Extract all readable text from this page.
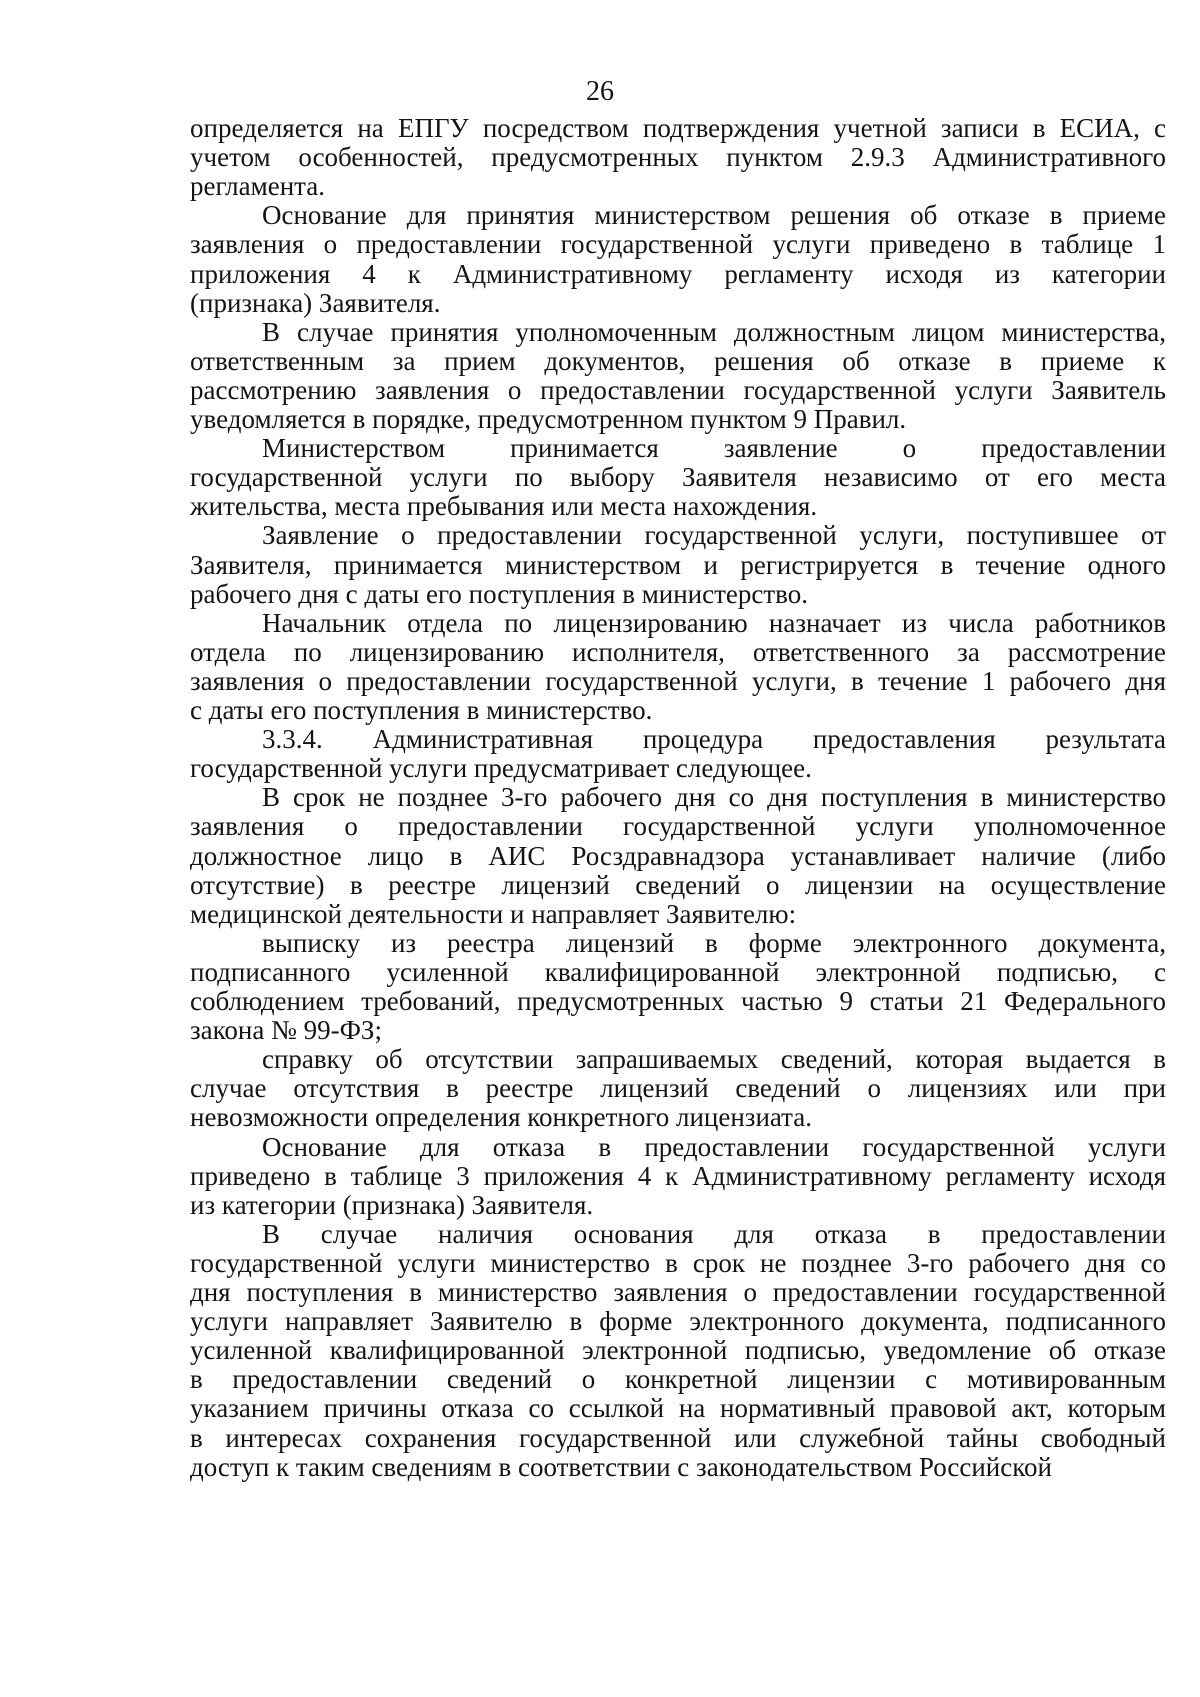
26
определяется на ЕПГУ посредством подтверждения учетной записи в ЕСИА, с
учетом особенностей, предусмотренных пунктом 2.9.3 Административного
регламента.
Основание для принятия министерством решения об отказе в приеме
заявления о предоставлении государственной услуги приведено в таблице 1
приложения 4 к Административному регламенту исходя из категории
(признака) Заявителя.
В случае принятия уполномоченным должностным лицом министерства,
ответственным за прием документов, решения об отказе в приеме к
рассмотрению заявления о предоставлении государственной услуги Заявитель
уведомляется в порядке, предусмотренном пунктом 9 Правил.
Министерством принимается заявление о предоставлении
государственной услуги по выбору Заявителя независимо от его места
жительства, места пребывания или места нахождения.
Заявление о предоставлении государственной услуги, поступившее от
Заявителя, принимается министерством и регистрируется в течение одного
рабочего дня с даты его поступления в министерство.
Начальник отдела по лицензированию назначает из числа работников
отдела по лицензированию исполнителя, ответственного за рассмотрение
заявления о предоставлении государственной услуги, в течение 1 рабочего дня
с даты его поступления в министерство.
3.3.4. Административная процедура предоставления результата
государственной услуги предусматривает следующее.
В срок не позднее 3-го рабочего дня со дня поступления в министерство
заявления о предоставлении государственной услуги уполномоченное
должностное лицо в АИС Росздравнадзора устанавливает наличие (либо
отсутствие) в реестре лицензий сведений о лицензии на осуществление
медицинской деятельности и направляет Заявителю:
выписку из реестра лицензий в форме электронного документа,
подписанного усиленной квалифицированной электронной подписью, с
соблюдением требований, предусмотренных частью 9 статьи 21 Федерального
закона № 99-ФЗ;
справку об отсутствии запрашиваемых сведений, которая выдается в
случае отсутствия в реестре лицензий сведений о лицензиях или при
невозможности определения конкретного лицензиата.
Основание для отказа в предоставлении государственной услуги
приведено в таблице 3 приложения 4 к Административному регламенту исходя
из категории (признака) Заявителя.
В случае наличия основания для отказа в предоставлении
государственной услуги министерство в срок не позднее 3-го рабочего дня со
дня поступления в министерство заявления о предоставлении государственной
услуги направляет Заявителю в форме электронного документа, подписанного
усиленной квалифицированной электронной подписью, уведомление об отказе
в предоставлении сведений о конкретной лицензии с мотивированным
указанием причины отказа со ссылкой на нормативный правовой акт, которым
в интересах сохранения государственной или служебной тайны свободный
доступ к таким сведениям в соответствии с законодательством Российской
